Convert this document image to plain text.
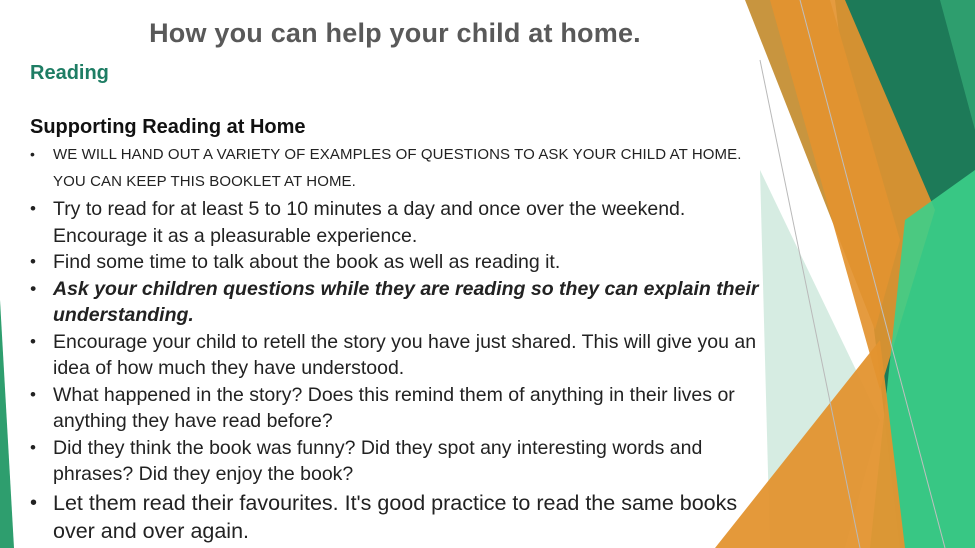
How you can help your child at home.
Reading
Supporting Reading at Home
• WE WILL HAND OUT A VARIETY OF EXAMPLES OF QUESTIONS TO ASK YOUR CHILD AT HOME. YOU CAN KEEP THIS BOOKLET AT HOME.
• Try to read for at least 5 to 10 minutes a day and once over the weekend. Encourage it as a pleasurable experience.
• Find some time to talk about the book as well as reading it.
• Ask your children questions while they are reading so they can explain their understanding.
• Encourage your child to retell the story you have just shared. This will give you an idea of how much they have understood.
• What happened in the story? Does this remind them of anything in their lives or anything they have read before?
• Did they think the book was funny? Did they spot any interesting words and phrases? Did they enjoy the book?
• Let them read their favourites. It's good practice to read the same books over and over again.
